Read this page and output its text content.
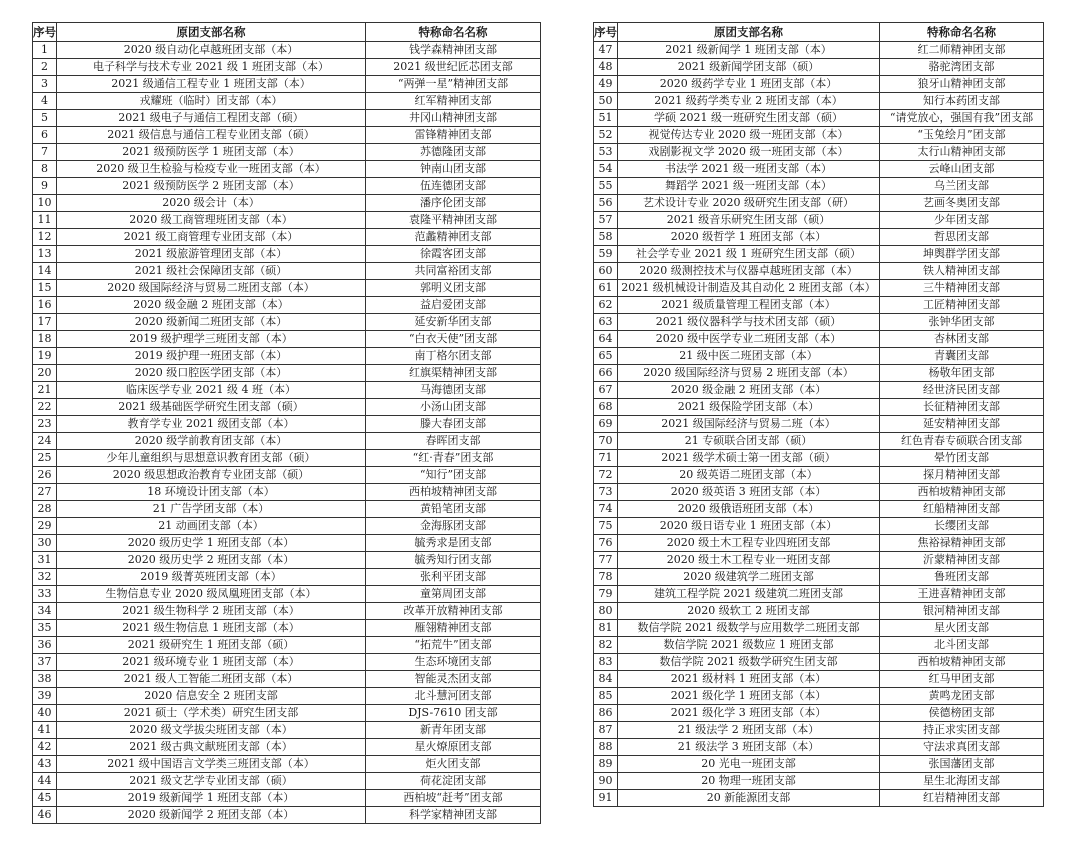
序号	原团支部名称	特称命名名称
1	2020 级自动化卓越班团支部（本）	钱学森精神团支部
2	电子科学与技术专业 2021 级 1 班团支部（本）	2021 级世纪匠芯团支部
3	2021 级通信工程专业 1 班团支部（本）	“两弹一星”精神团支部
4	戎耀班（临时）团支部（本）	红军精神团支部
5	2021 级电子与通信工程团支部（硕）	井冈山精神团支部
6	2021 级信息与通信工程专业团支部（硕）	雷锋精神团支部
7	2021 级预防医学 1 班团支部（本）	苏德隆团支部
8	2020 级卫生检验与检疫专业一班团支部（本）	钟南山团支部
9	2021 级预防医学 2 班团支部（本）	伍连德团支部
10	2020 级会计（本）	潘序伦团支部
11	2020 级工商管理班团支部（本）	袁隆平精神团支部
12	2021 级工商管理专业团支部（本）	范蠡精神团支部
13	2021 级旅游管理团支部（本）	徐霞客团支部
14	2021 级社会保障团支部（硕）	共同富裕团支部
15	2020 级国际经济与贸易二班团支部（本）	郭明义团支部
16	2020 级金融 2 班团支部（本）	益启爱团支部
17	2020 级新闻二班团支部（本）	延安新华团支部
18	2019 级护理学三班团支部（本）	“白衣天使”团支部
19	2019 级护理一班团支部（本）	南丁格尔团支部
20	2020 级口腔医学团支部（本）	红旗渠精神团支部
21	临床医学专业 2021 级 4 班（本）	马海德团支部
22	2021 级基础医学研究生团支部（硕）	小汤山团支部
23	教育学专业 2021 级团支部（本）	滕大春团支部
24	2020 级学前教育团支部（本）	春晖团支部
25	少年儿童组织与思想意识教育团支部（硕）	“红·青春”团支部
26	2020 级思想政治教育专业团支部（硕）	“知行”团支部
27	18 环境设计团支部（本）	西柏坡精神团支部
28	21 广告学团支部（本）	黄铅笔团支部
29	21 动画团支部（本）	金海豚团支部
30	2020 级历史学 1 班团支部（本）	毓秀求是团支部
31	2020 级历史学 2 班团支部（本）	毓秀知行团支部
32	2019 级菁英班团支部（本）	张利平团支部
33	生物信息专业 2020 级凤凰班团支部（本）	童第周团支部
34	2021 级生物科学 2 班团支部（本）	改革开放精神团支部
35	2021 级生物信息 1 班团支部（本）	雁翎精神团支部
36	2021 级研究生 1 班团支部（硕）	“拓荒牛”团支部
37	2021 级环境专业 1 班团支部（本）	生态环境团支部
38	2021 级人工智能二班团支部（本）	智能灵杰团支部
39	2020 信息安全 2 班团支部	北斗慧河团支部
40	2021 硕士（学术类）研究生团支部	DJS-7610 团支部
41	2020 级文学拔尖班团支部（本）	新青年团支部
42	2021 级古典文献班团支部（本）	星火燎原团支部
43	2021 级中国语言文学类三班团支部（本）	炬火团支部
44	2021 级文艺学专业团支部（硕）	荷花淀团支部
45	2019 级新闻学 1 班团支部（本）	西柏坡“赶考”团支部
46	2020 级新闻学 2 班团支部（本）	科学家精神团支部
序号	原团支部名称	特称命名名称
47	2021 级新闻学 1 班团支部（本）	红二师精神团支部
48	2021 级新闻学团支部（硕）	骆驼湾团支部
49	2020 级药学专业 1 班团支部（本）	狼牙山精神团支部
50	2021 级药学类专业 2 班团支部（本）	知行本药团支部
51	学硕 2021 级一班研究生团支部（硕）	“请党放心，强国有我”团支部
52	视觉传达专业 2020 级一班团支部（本）	“玉兔绘月”团支部
53	戏剧影视文学 2020 级一班团支部（本）	太行山精神团支部
54	书法学 2021 级一班团支部（本）	云峰山团支部
55	舞蹈学 2021 级一班团支部（本）	乌兰团支部
56	艺术设计专业 2020 级研究生团支部（研）	艺画冬奥团支部
57	2021 级音乐研究生团支部（硕）	少年团支部
58	2020 级哲学 1 班团支部（本）	哲思团支部
59	社会学专业 2021 级 1 班研究生团支部（硕）	坤舆群学团支部
60	2020 级测控技术与仪器卓越班团支部（本）	铁人精神团支部
61	2021 级机械设计制造及其自动化 2 班团支部（本）	三牛精神团支部
62	2021 级质量管理工程团支部（本）	工匠精神团支部
63	2021 级仪器科学与技术团支部（硕）	张钟华团支部
64	2020 级中医学专业二班团支部（本）	杏林团支部
65	21 级中医二班团支部（本）	青囊团支部
66	2020 级国际经济与贸易 2 班团支部（本）	杨敬年团支部
67	2020 级金融 2 班团支部（本）	经世济民团支部
68	2021 级保险学团支部（本）	长征精神团支部
69	2021 级国际经济与贸易二班（本）	延安精神团支部
70	21 专硕联合团支部（硕）	红色青春专硕联合团支部
71	2021 级学术硕士第一团支部（硕）	晕竹团支部
72	20 级英语二班团支部（本）	探月精神团支部
73	2020 级英语 3 班团支部（本）	西柏坡精神团支部
74	2020 级俄语班团支部（本）	红船精神团支部
75	2020 级日语专业 1 班团支部（本）	长缨团支部
76	2020 级土木工程专业四班团支部	焦裕禄精神团支部
77	2020 级土木工程专业一班团支部	沂蒙精神团支部
78	2020 级建筑学二班团支部	鲁班团支部
79	建筑工程学院 2021 级建筑二班团支部	王进喜精神团支部
80	2020 级软工 2 班团支部	银河精神团支部
81	数信学院 2021 级数学与应用数学二班团支部	星火团支部
82	数信学院 2021 级数应 1 班团支部	北斗团支部
83	数信学院 2021 级数学研究生团支部	西柏坡精神团支部
84	2021 级材料 1 班团支部（本）	红马甲团支部
85	2021 级化学 1 班团支部（本）	黄鸣龙团支部
86	2021 级化学 3 班团支部（本）	侯德榜团支部
87	21 级法学 2 班团支部（本）	持正求实团支部
88	21 级法学 3 班团支部（本）	守法求真团支部
89	20 光电一班团支部	张国藩团支部
90	20 物理一班团支部	星生北海团支部
91	20 新能源团支部	红岩精神团支部
